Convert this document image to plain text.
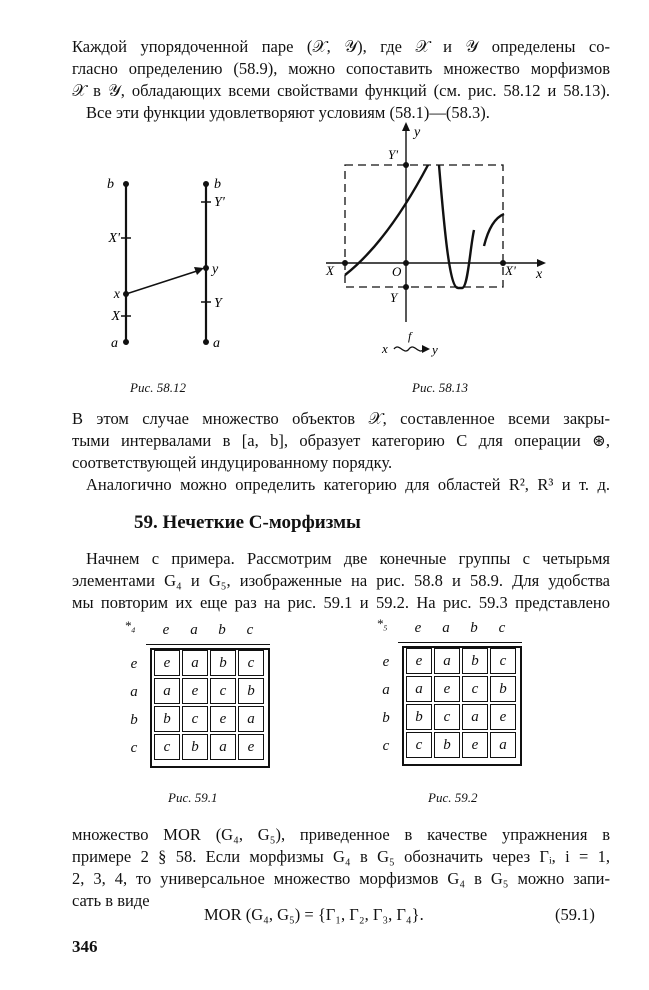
Каждой упорядоченной паре (𝒳, 𝒴), где 𝒳 и 𝒴 определены со-
гласно определению (58.9), можно сопоставить множество морфизмов
𝒳 в 𝒴, обладающих всеми свойствами функций (см. рис. 58.12 и 58.13).
Все эти функции удовлетворяют условиям (58.1)—(58.3).
b
X'
x
X
a
b
Y'
y
Y
a
Рис. 58.12
y
Y'
X	O	X' x
Y
x
f
y
Рис. 58.13
В этом случае множество объектов 𝒳, составленное всеми закры-
тыми интервалами в [a, b], образует категорию C для операции ⊛,
соответствующей индуцированному порядку.
Аналогично можно определить категорию для областей R², R³ и т. д.
59. Нечеткие C-морфизмы
Начнем с примера. Рассмотрим две конечные группы с четырьмя
элементами G₄ и G₅, изображенные на рис. 58.8 и 58.9. Для удобства
мы повторим их еще раз на рис. 59.1 и 59.2. На рис. 59.3 представлено
*₄	e	a	b	c
e	e	a	b	c
a	a	e	c	b
b	b	c	e	a
c	c	b	a	e
Рис. 59.1
*₅	e	a	b	c
e	e	a	b	c
a	a	e	c	b
b	b	c	a	e
c	c	b	e	a
Рис. 59.2
множество MOR (G₄, G₅), приведенное в качестве упражнения в
примере 2 § 58. Если морфизмы G₄ в G₅ обозначить через Γᵢ, i = 1,
2, 3, 4, то универсальное множество морфизмов G₄ в G₅ можно запи-
сать в виде
MOR (G₄, G₅) = {Γ₁, Γ₂, Γ₃, Γ₄}.	(59.1)
346
